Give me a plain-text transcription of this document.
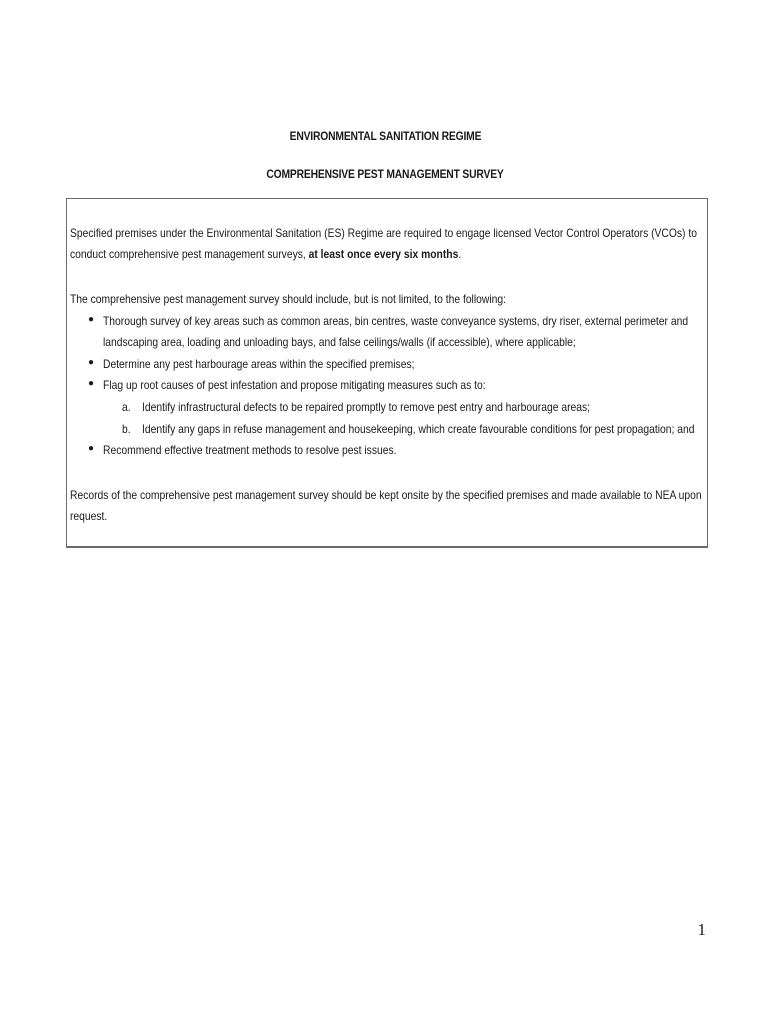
ENVIRONMENTAL SANITATION REGIME
COMPREHENSIVE PEST MANAGEMENT SURVEY
Specified premises under the Environmental Sanitation (ES) Regime are required to engage licensed Vector Control Operators (VCOs) to
conduct comprehensive pest management surveys, at least once every six months.
The comprehensive pest management survey should include, but is not limited, to the following:
● Thorough survey of key areas such as common areas, bin centres, waste conveyance systems, dry riser, external perimeter and
landscaping area, loading and unloading bays, and false ceilings/walls (if accessible), where applicable;
● Determine any pest harbourage areas within the specified premises;
● Flag up root causes of pest infestation and propose mitigating measures such as to:
a. Identify infrastructural defects to be repaired promptly to remove pest entry and harbourage areas;
b. Identify any gaps in refuse management and housekeeping, which create favourable conditions for pest propagation; and
● Recommend effective treatment methods to resolve pest issues.
Records of the comprehensive pest management survey should be kept onsite by the specified premises and made available to NEA upon
request.
1
